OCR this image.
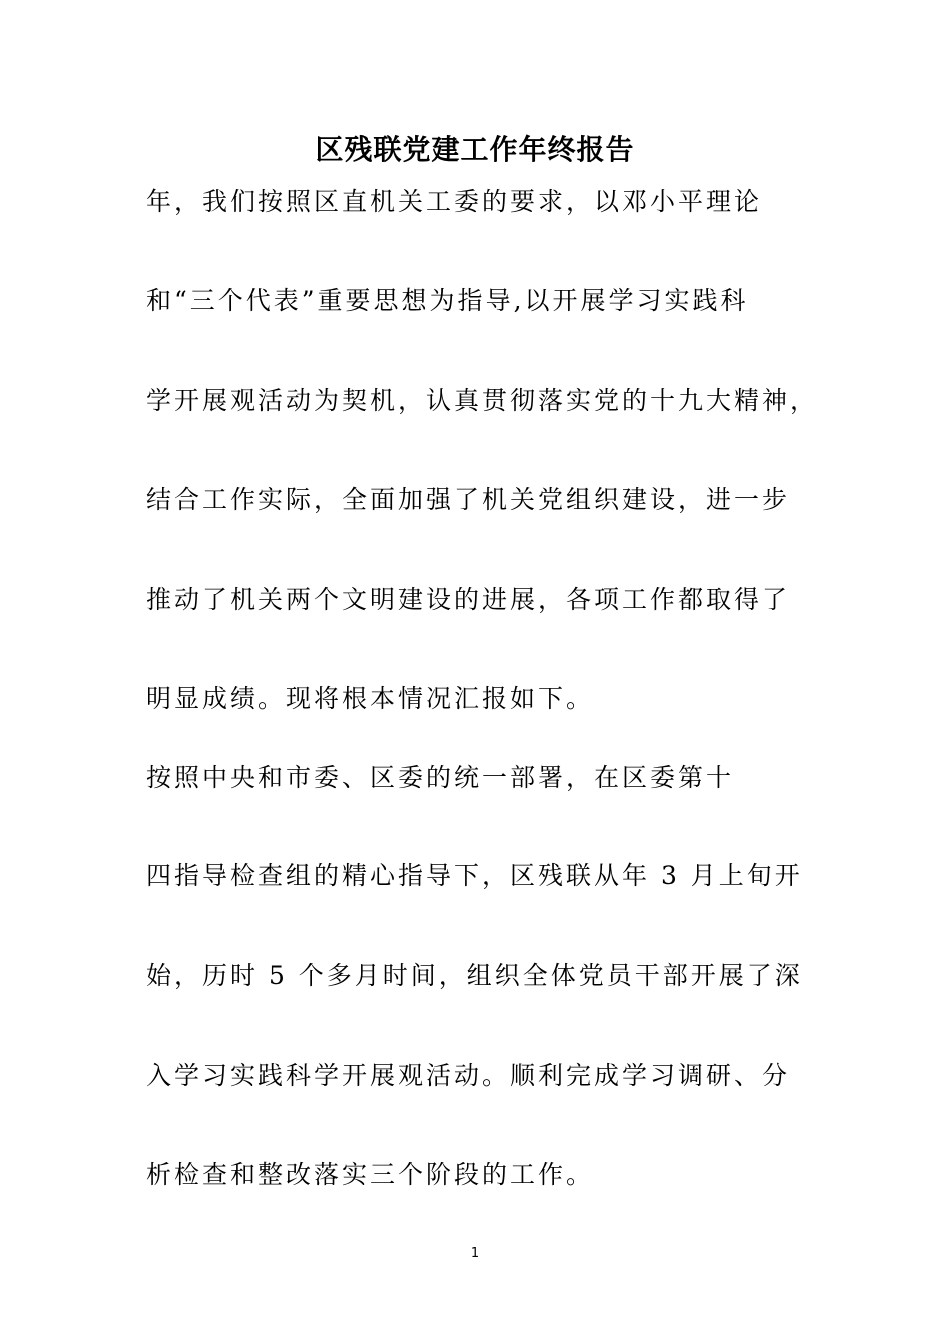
区残联党建工作年终报告
年，我们按照区直机关工委的要求，以邓小平理论
和“三个代表”重要思想为指导,以开展学习实践科
学开展观活动为契机，认真贯彻落实党的十九大精神，
结合工作实际，全面加强了机关党组织建设，进一步
推动了机关两个文明建设的进展，各项工作都取得了
明显成绩。现将根本情况汇报如下。
按照中央和市委、区委的统一部署，在区委第十
四指导检查组的精心指导下，区残联从年 3 月上旬开
始，历时 5 个多月时间，组织全体党员干部开展了深
入学习实践科学开展观活动。顺利完成学习调研、分
析检查和整改落实三个阶段的工作。
1
